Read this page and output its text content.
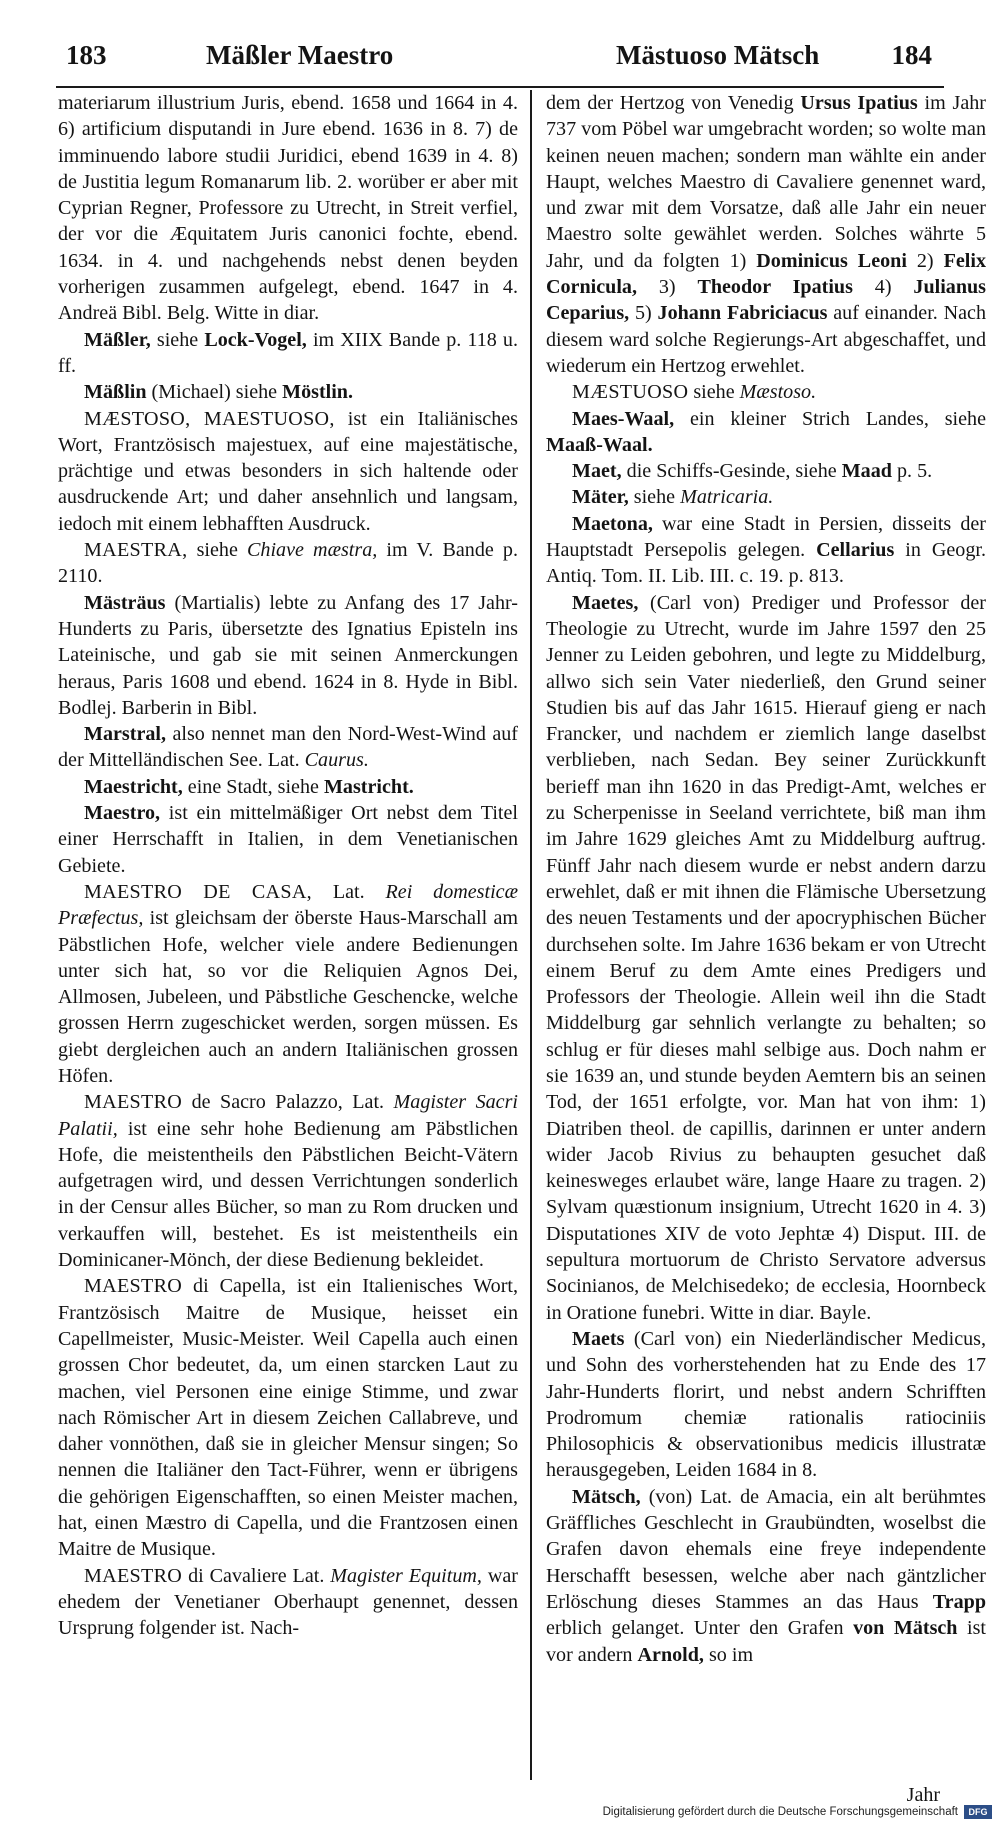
183	Mäßler Maestro	Mästuoso Mätsch	184

materiarum illustrium Juris, ebend. 1658 und 1664 in 4. 6) artificium disputandi in Jure ebend. 1636 in 8. 7) de imminuendo labore studii Juridici, ebend 1639 in 4. 8) de Justitia legum Romanarum lib. 2. worüber er aber mit Cyprian Regner, Professore zu Utrecht, in Streit verfiel, der vor die Æquitatem Juris canonici fochte, ebend. 1634. in 4. und nachgehends nebst denen beyden vorherigen zusammen aufgelegt, ebend. 1647 in 4. Andreä Bibl. Belg. Witte in diar.

Mäßler, siehe Lock-Vogel, im XIIX Bande p. 118 u. ff.

Mäßlin (Michael) siehe Möstlin.

MÆSTOSO, MAESTUOSO, ist ein Italiänisches Wort, Frantzösisch majestuex, auf eine majestätische, prächtige und etwas besonders in sich haltende oder ausdruckende Art; und daher ansehnlich und langsam, iedoch mit einem lebhafften Ausdruck.

MAESTRA, siehe Chiave mæstra, im V. Bande p. 2110.

Mästräus (Martialis) lebte zu Anfang des 17 Jahr-Hunderts zu Paris, übersetzte des Ignatius Episteln ins Lateinische, und gab sie mit seinen Anmerckungen heraus, Paris 1608 und ebend. 1624 in 8. Hyde in Bibl. Bodlej. Barberin in Bibl.

Marstral, also nennet man den Nord-West-Wind auf der Mittelländischen See. Lat. Caurus.

Maestricht, eine Stadt, siehe Mastricht.

Maestro, ist ein mittelmäßiger Ort nebst dem Titel einer Herrschafft in Italien, in dem Venetianischen Gebiete.

MAESTRO DE CASA, Lat. Rei domesticæ Præfectus, ist gleichsam der öberste Haus-Marschall am Päbstlichen Hofe, welcher viele andere Bedienungen unter sich hat, so vor die Reliquien Agnos Dei, Allmosen, Jubeleen, und Päbstliche Geschencke, welche grossen Herrn zugeschicket werden, sorgen müssen. Es giebt dergleichen auch an andern Italiänischen grossen Höfen.

MAESTRO de Sacro Palazzo, Lat. Magister Sacri Palatii, ist eine sehr hohe Bedienung am Päbstlichen Hofe, die meistentheils den Päbstlichen Beicht-Vätern aufgetragen wird, und dessen Verrichtungen sonderlich in der Censur alles Bücher, so man zu Rom drucken und verkauffen will, bestehet. Es ist meistentheils ein Dominicaner-Mönch, der diese Bedienung bekleidet.

MAESTRO di Capella, ist ein Italienisches Wort, Frantzösisch Maitre de Musique, heisset ein Capellmeister, Music-Meister. Weil Capella auch einen grossen Chor bedeutet, da, um einen starcken Laut zu machen, viel Personen eine einige Stimme, und zwar nach Römischer Art in diesem Zeichen Callabreve, und daher vonnöthen, daß sie in gleicher Mensur singen; So nennen die Italiäner den Tact-Führer, wenn er übrigens die gehörigen Eigenschafften, so einen Meister machen, hat, einen Mæstro di Capella, und die Frantzosen einen Maitre de Musique.

MAESTRO di Cavaliere Lat. Magister Equitum, war ehedem der Venetianer Oberhaupt genennet, dessen Ursprung folgender ist. Nach-

dem der Hertzog von Venedig Ursus Ipatius im Jahr 737 vom Pöbel war umgebracht worden; so wolte man keinen neuen machen; sondern man wählte ein ander Haupt, welches Maestro di Cavaliere genennet ward, und zwar mit dem Vorsatze, daß alle Jahr ein neuer Maestro solte gewählet werden. Solches währte 5 Jahr, und da folgten 1) Dominicus Leoni 2) Felix Cornicula, 3) Theodor Ipatius 4) Julianus Ceparius, 5) Johann Fabriciacus auf einander. Nach diesem ward solche Regierungs-Art abgeschaffet, und wiederum ein Hertzog erwehlet.

MÆSTUOSO siehe Mæstoso.

Maes-Waal, ein kleiner Strich Landes, siehe Maaß-Waal.

Maet, die Schiffs-Gesinde, siehe Maad p. 5.

Mäter, siehe Matricaria.

Maetona, war eine Stadt in Persien, disseits der Hauptstadt Persepolis gelegen. Cellarius in Geogr. Antiq. Tom. II. Lib. III. c. 19. p. 813.

Maetes, (Carl von) Prediger und Professor der Theologie zu Utrecht, wurde im Jahre 1597 den 25 Jenner zu Leiden gebohren, und legte zu Middelburg, allwo sich sein Vater niederließ, den Grund seiner Studien bis auf das Jahr 1615. Hierauf gieng er nach Francker, und nachdem er ziemlich lange daselbst verblieben, nach Sedan. Bey seiner Zurückkunft berieff man ihn 1620 in das Predigt-Amt, welches er zu Scherpenisse in Seeland verrichtete, biß man ihm im Jahre 1629 gleiches Amt zu Middelburg auftrug. Fünff Jahr nach diesem wurde er nebst andern darzu erwehlet, daß er mit ihnen die Flämische Ubersetzung des neuen Testaments und der apocryphischen Bücher durchsehen solte. Im Jahre 1636 bekam er von Utrecht einem Beruf zu dem Amte eines Predigers und Professors der Theologie. Allein weil ihn die Stadt Middelburg gar sehnlich verlangte zu behalten; so schlug er für dieses mahl selbige aus. Doch nahm er sie 1639 an, und stunde beyden Aemtern bis an seinen Tod, der 1651 erfolgte, vor. Man hat von ihm: 1) Diatriben theol. de capillis, darinnen er unter andern wider Jacob Rivius zu behaupten gesuchet daß keinesweges erlaubet wäre, lange Haare zu tragen. 2) Sylvam quæstionum insignium, Utrecht 1620 in 4. 3) Disputationes XIV de voto Jephtæ 4) Disput. III. de sepultura mortuorum de Christo Servatore adversus Socinianos, de Melchisedeko; de ecclesia, Hoornbeck in Oratione funebri. Witte in diar. Bayle.

Maets (Carl von) ein Niederländischer Medicus, und Sohn des vorherstehenden hat zu Ende des 17 Jahr-Hunderts florirt, und nebst andern Schrifften Prodromum chemiæ rationalis ratiociniis Philosophicis & observationibus medicis illustratæ herausgegeben, Leiden 1684 in 8.

Mätsch, (von) Lat. de Amacia, ein alt berühmtes Gräffliches Geschlecht in Graubündten, woselbst die Grafen davon ehemals eine freye independente Herschafft besessen, welche aber nach gäntzlicher Erlöschung dieses Stammes an das Haus Trapp erblich gelanget. Unter den Grafen von Mätsch ist vor andern Arnold, so im

Jahr
Digitalisierung gefördert durch die Deutsche Forschungsgemeinschaft	DFG
